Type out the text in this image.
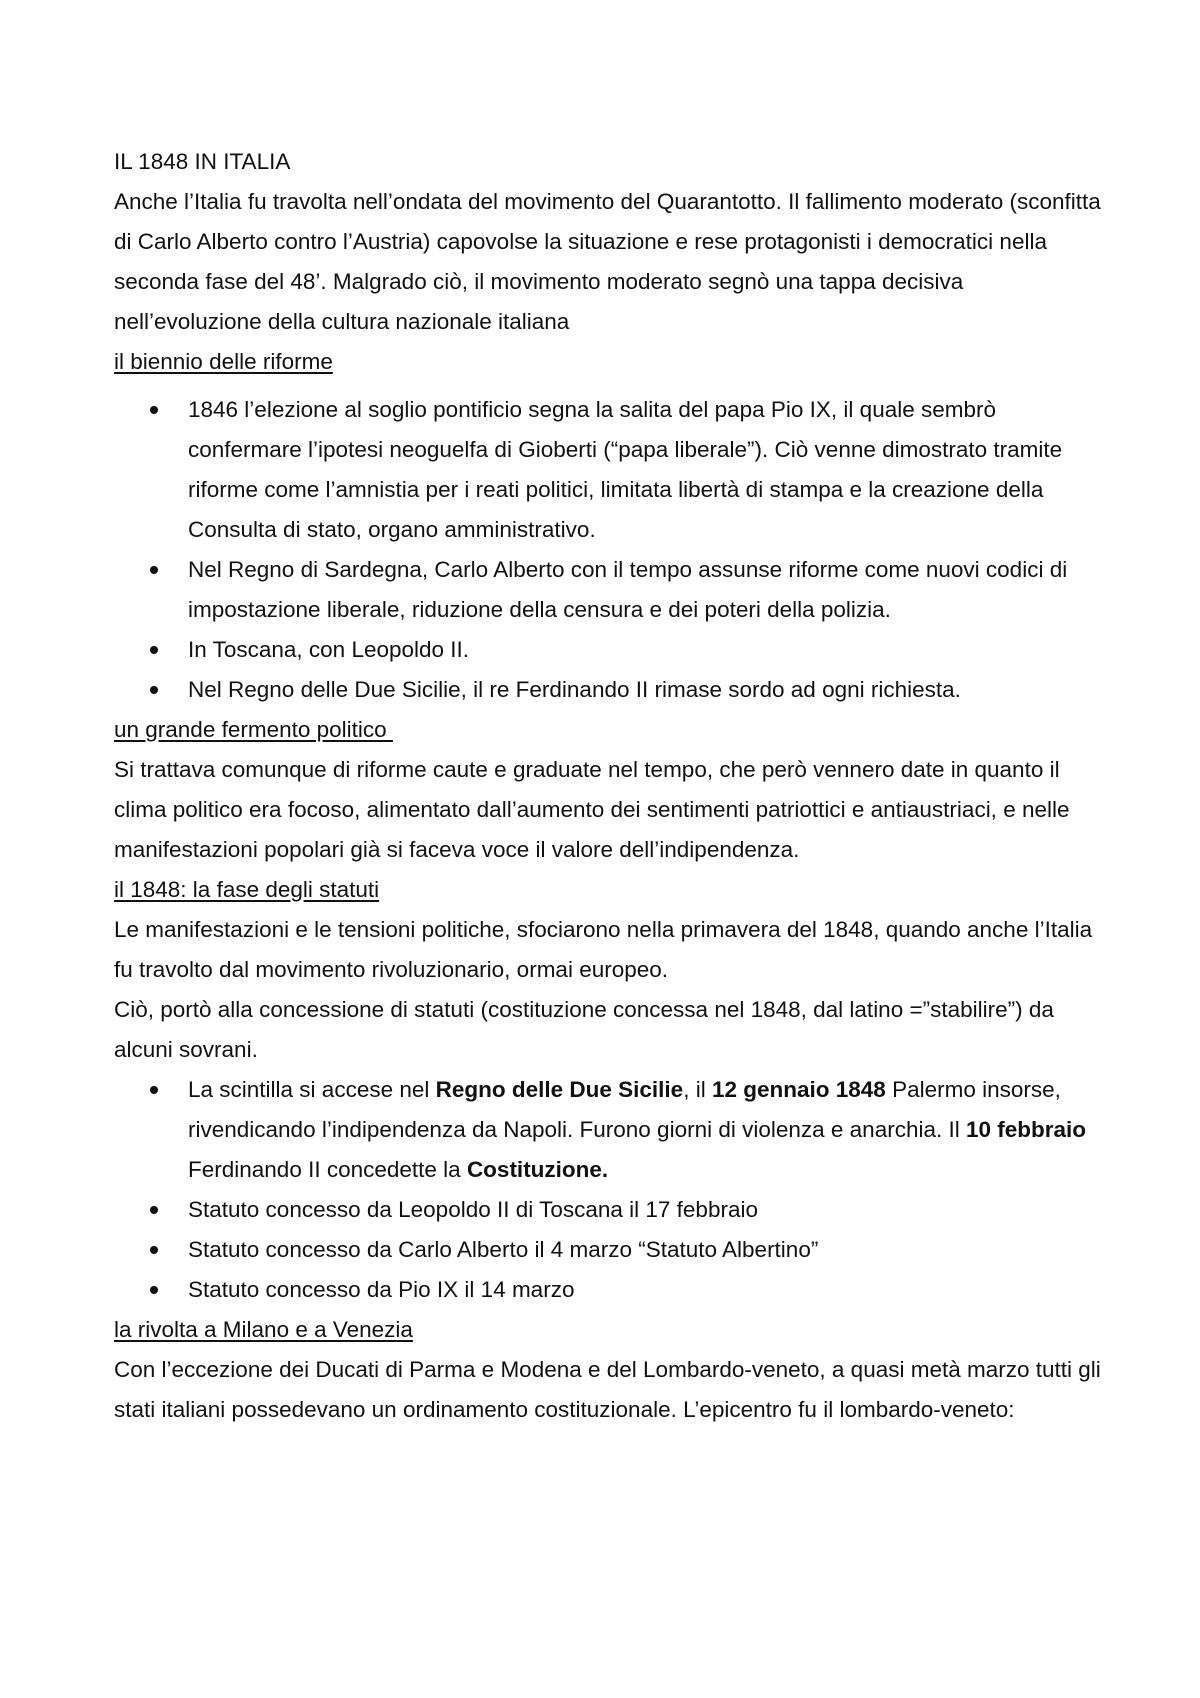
IL 1848 IN ITALIA

Anche l’Italia fu travolta nell’ondata del movimento del Quarantotto. Il fallimento moderato (sconfitta di Carlo Alberto contro l’Austria) capovolse la situazione e rese protagonisti i democratici nella seconda fase del 48’. Malgrado ciò, il movimento moderato segnò una tappa decisiva nell’evoluzione della cultura nazionale italiana

il biennio delle riforme

1846 l’elezione al soglio pontificio segna la salita del papa Pio IX, il quale sembrò confermare l’ipotesi neoguelfa di Gioberti (“papa liberale”). Ciò venne dimostrato tramite riforme come l’amnistia per i reati politici, limitata libertà di stampa e la creazione della Consulta di stato, organo amministrativo.
Nel Regno di Sardegna, Carlo Alberto con il tempo assunse riforme come nuovi codici di impostazione liberale, riduzione della censura e dei poteri della polizia.
In Toscana, con Leopoldo II.
Nel Regno delle Due Sicilie, il re Ferdinando II rimase sordo ad ogni richiesta.

un grande fermento politico

Si trattava comunque di riforme caute e graduate nel tempo, che però vennero date in quanto il clima politico era focoso, alimentato dall’aumento dei sentimenti patriottici e antiaustriaci, e nelle manifestazioni popolari già si faceva voce il valore dell’indipendenza.

il 1848: la fase degli statuti

Le manifestazioni e le tensioni politiche, sfociarono nella primavera del 1848, quando anche l’Italia fu travolto dal movimento rivoluzionario, ormai europeo.

Ciò, portò alla concessione di statuti (costituzione concessa nel 1848, dal latino =”stabilire”) da alcuni sovrani.

La scintilla si accese nel Regno delle Due Sicilie, il 12 gennaio 1848 Palermo insorse, rivendicando l’indipendenza da Napoli. Furono giorni di violenza e anarchia. Il 10 febbraio Ferdinando II concedette la Costituzione.
Statuto concesso da Leopoldo II di Toscana il 17 febbraio
Statuto concesso da Carlo Alberto il 4 marzo “Statuto Albertino”
Statuto concesso da Pio IX il 14 marzo

la rivolta a Milano e a Venezia

Con l’eccezione dei Ducati di Parma e Modena e del Lombardo-veneto, a quasi metà marzo tutti gli stati italiani possedevano un ordinamento costituzionale. L’epicentro fu il lombardo-veneto:
